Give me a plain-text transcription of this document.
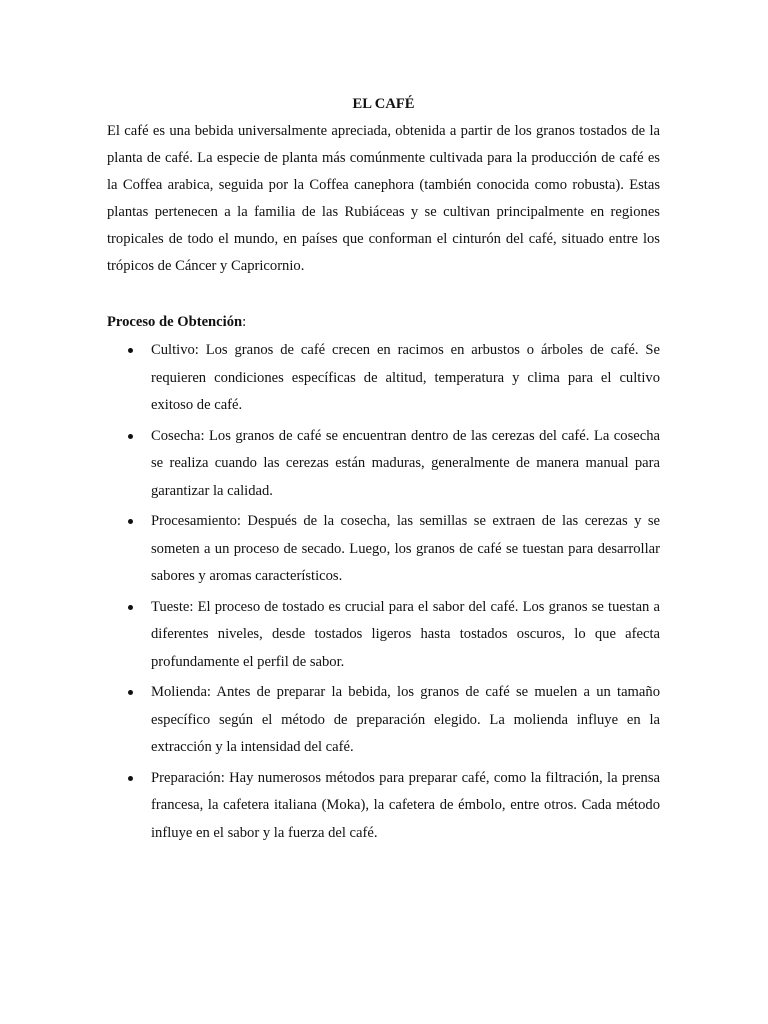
EL CAFÉ

El café es una bebida universalmente apreciada, obtenida a partir de los granos tostados de la planta de café. La especie de planta más comúnmente cultivada para la producción de café es la Coffea arabica, seguida por la Coffea canephora (también conocida como robusta). Estas plantas pertenecen a la familia de las Rubiáceas y se cultivan principalmente en regiones tropicales de todo el mundo, en países que conforman el cinturón del café, situado entre los trópicos de Cáncer y Capricornio.

Proceso de Obtención:

Cultivo: Los granos de café crecen en racimos en arbustos o árboles de café. Se requieren condiciones específicas de altitud, temperatura y clima para el cultivo exitoso de café.
Cosecha: Los granos de café se encuentran dentro de las cerezas del café. La cosecha se realiza cuando las cerezas están maduras, generalmente de manera manual para garantizar la calidad.
Procesamiento: Después de la cosecha, las semillas se extraen de las cerezas y se someten a un proceso de secado. Luego, los granos de café se tuestan para desarrollar sabores y aromas característicos.
Tueste: El proceso de tostado es crucial para el sabor del café. Los granos se tuestan a diferentes niveles, desde tostados ligeros hasta tostados oscuros, lo que afecta profundamente el perfil de sabor.
Molienda: Antes de preparar la bebida, los granos de café se muelen a un tamaño específico según el método de preparación elegido. La molienda influye en la extracción y la intensidad del café.
Preparación: Hay numerosos métodos para preparar café, como la filtración, la prensa francesa, la cafetera italiana (Moka), la cafetera de émbolo, entre otros. Cada método influye en el sabor y la fuerza del café.
